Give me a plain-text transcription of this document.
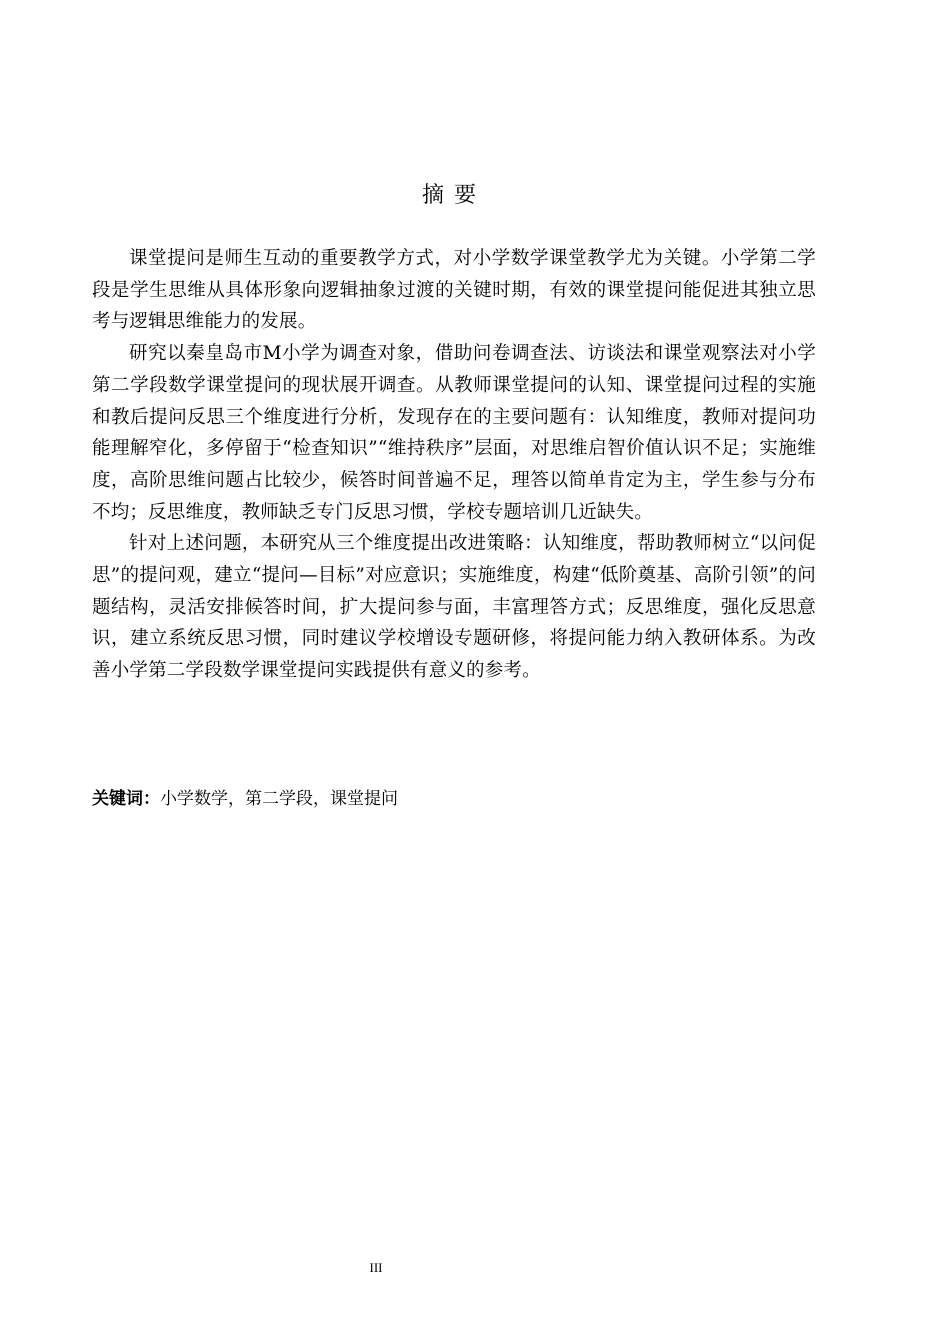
摘要

课堂提问是师生互动的重要教学方式，对小学数学课堂教学尤为关键。小学第二学段是学生思维从具体形象向逻辑抽象过渡的关键时期，有效的课堂提问能促进其独立思考与逻辑思维能力的发展。

研究以秦皇岛市M小学为调查对象，借助问卷调查法、访谈法和课堂观察法对小学第二学段数学课堂提问的现状展开调查。从教师课堂提问的认知、课堂提问过程的实施和教后提问反思三个维度进行分析，发现存在的主要问题有：认知维度，教师对提问功能理解窄化，多停留于“检查知识”“维持秩序”层面，对思维启智价值认识不足；实施维度，高阶思维问题占比较少，候答时间普遍不足，理答以简单肯定为主，学生参与分布不均；反思维度，教师缺乏专门反思习惯，学校专题培训几近缺失。

针对上述问题，本研究从三个维度提出改进策略：认知维度，帮助教师树立“以问促思”的提问观，建立“提问—目标”对应意识；实施维度，构建“低阶奠基、高阶引领”的问题结构，灵活安排候答时间，扩大提问参与面，丰富理答方式；反思维度，强化反思意识，建立系统反思习惯，同时建议学校增设专题研修，将提问能力纳入教研体系。为改善小学第二学段数学课堂提问实践提供有意义的参考。

关键词：小学数学，第二学段，课堂提问
III
